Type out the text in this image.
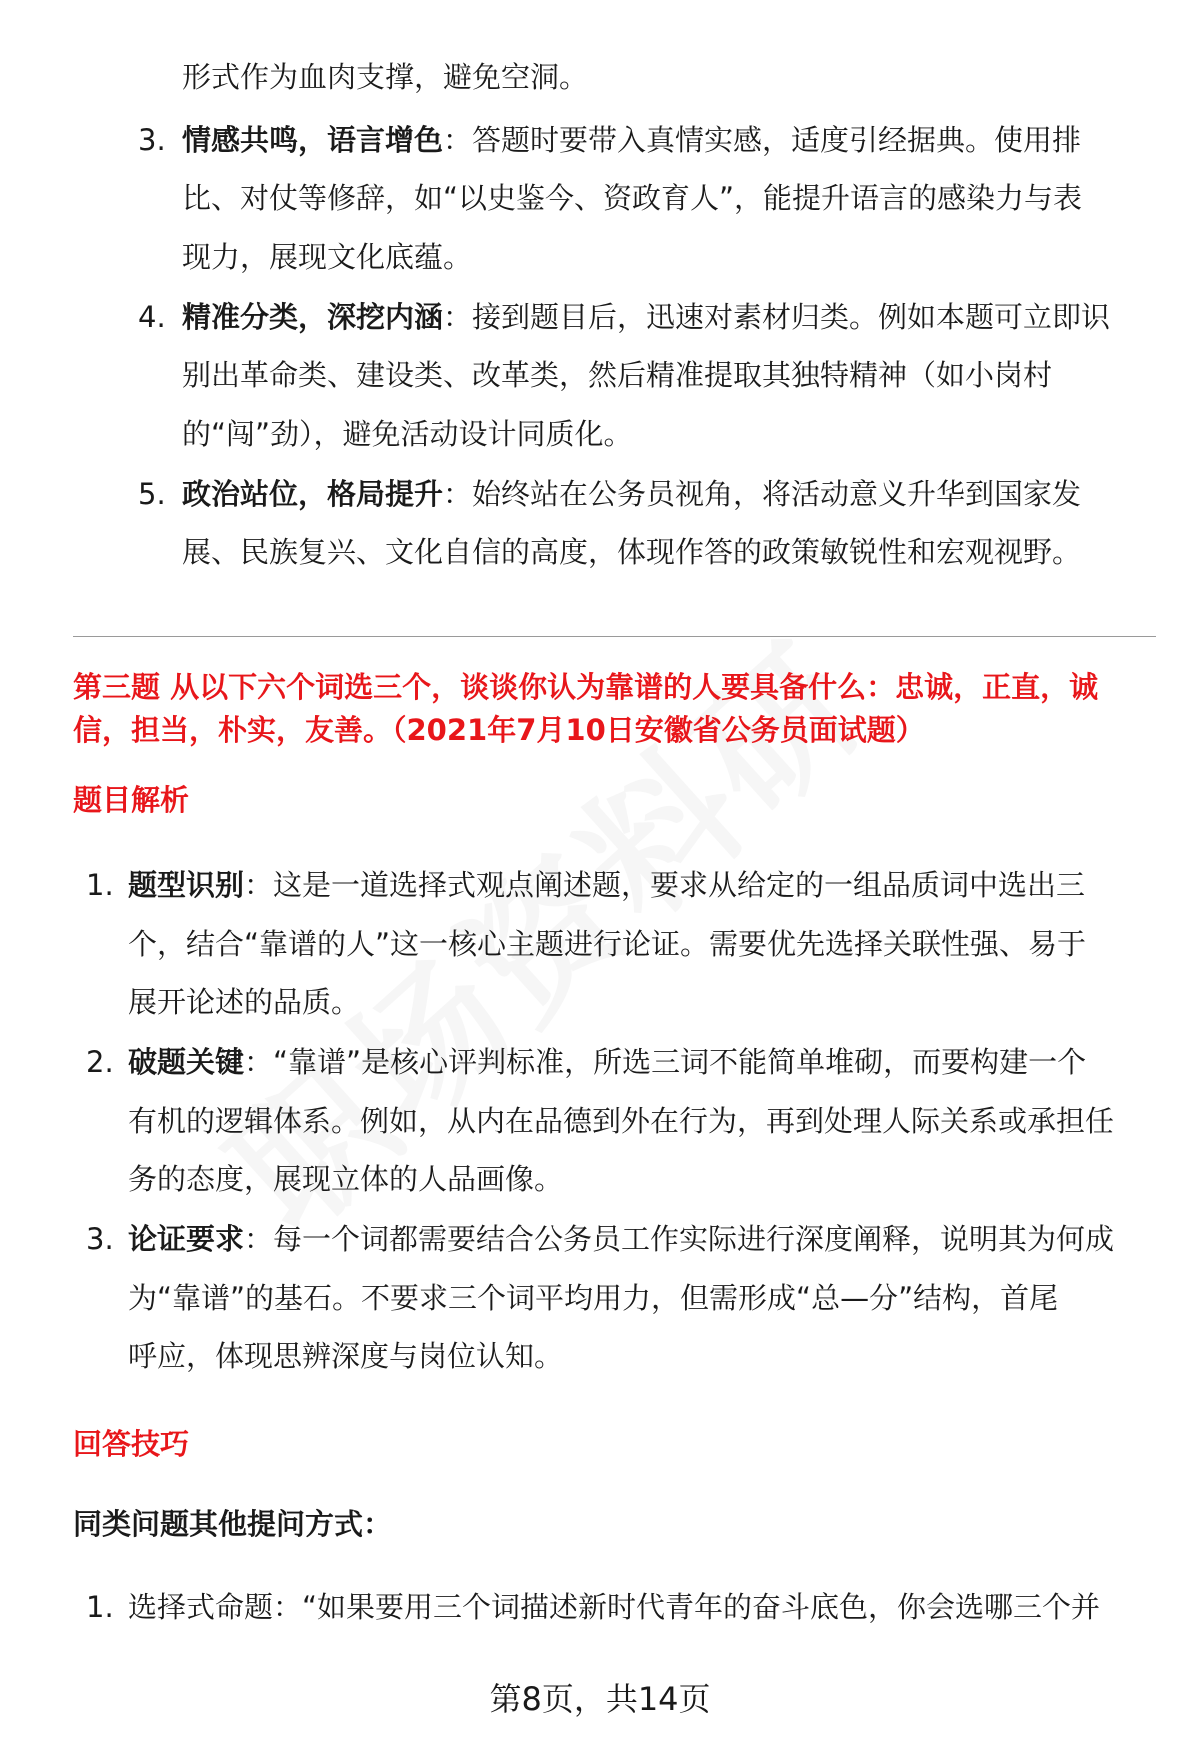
形式作为血肉支撑，避免空洞。
3. 情感共鸣，语言增色：答题时要带入真情实感，适度引经据典。使用排
比、对仗等修辞，如“以史鉴今、资政育人”，能提升语言的感染力与表
现力，展现文化底蕴。
4. 精准分类，深挖内涵：接到题目后，迅速对素材归类。例如本题可立即识
别出革命类、建设类、改革类，然后精准提取其独特精神（如小岗村
的“闯”劲），避免活动设计同质化。
5. 政治站位，格局提升：始终站在公务员视角，将活动意义升华到国家发
展、民族复兴、文化自信的高度，体现作答的政策敏锐性和宏观视野。
第三题 从以下六个词选三个，谈谈你认为靠谱的人要具备什么：忠诚，正直，诚
信，担当，朴实，友善。（2021年7月10日安徽省公务员面试题）
题目解析
1. 题型识别：这是一道选择式观点阐述题，要求从给定的一组品质词中选出三
个，结合“靠谱的人”这一核心主题进行论证。需要优先选择关联性强、易于
展开论述的品质。
2. 破题关键：“靠谱”是核心评判标准，所选三词不能简单堆砌，而要构建一个
有机的逻辑体系。例如，从内在品德到外在行为，再到处理人际关系或承担任
务的态度，展现立体的人品画像。
3. 论证要求：每一个词都需要结合公务员工作实际进行深度阐释，说明其为何成
为“靠谱”的基石。不要求三个词平均用力，但需形成“总—分”结构，首尾
呼应，体现思辨深度与岗位认知。
回答技巧
同类问题其他提问方式：
1. 选择式命题：“如果要用三个词描述新时代青年的奋斗底色，你会选哪三个并
第8页，共14页
